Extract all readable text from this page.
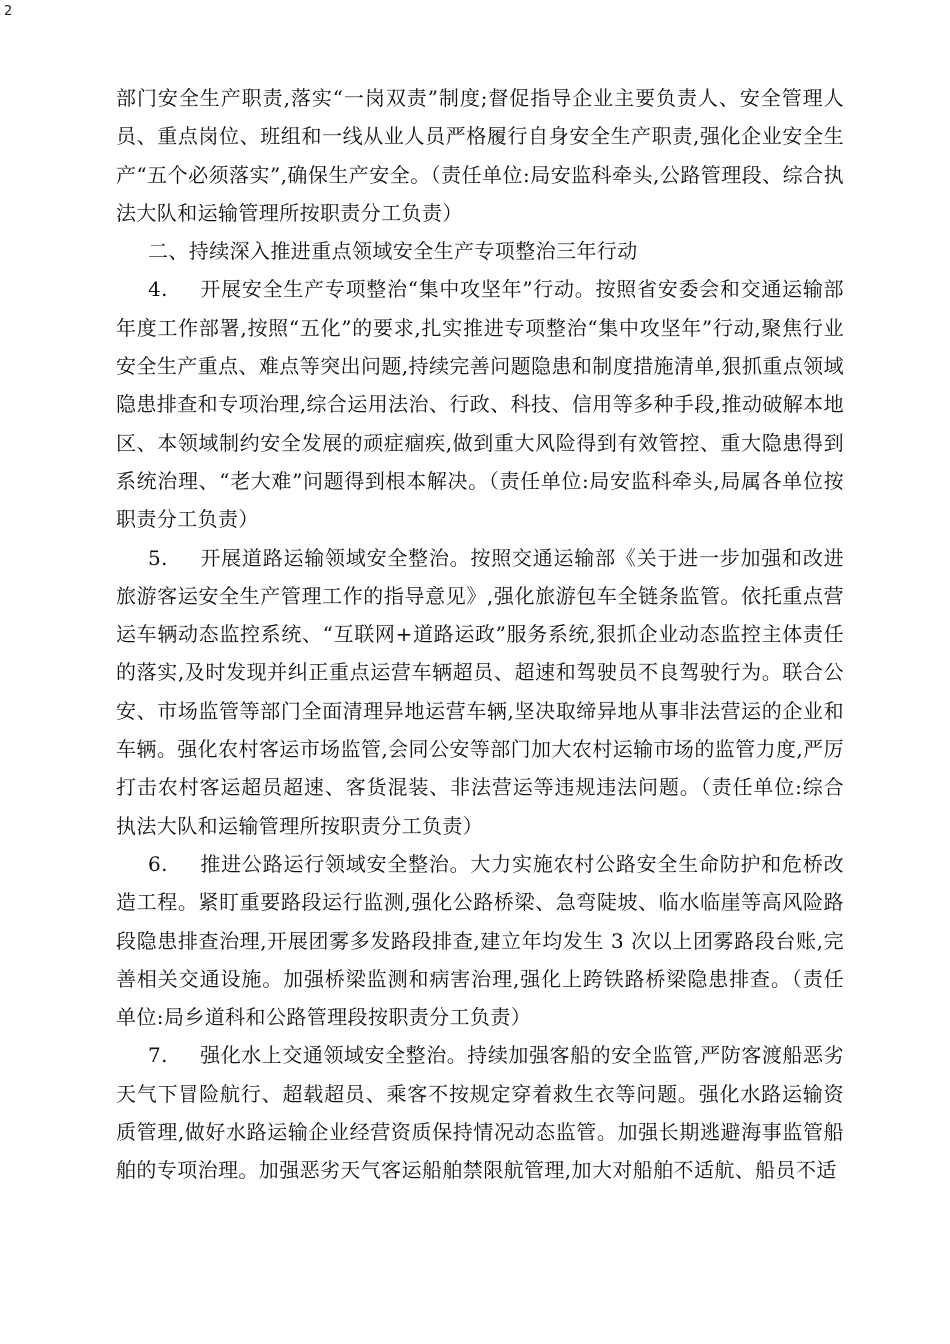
2

部门安全生产职责,落实“一岗双责”制度;督促指导企业主要负责人、安全管理人员、重点岗位、班组和一线从业人员严格履行自身安全生产职责,强化企业安全生产“五个必须落实”,确保生产安全。（责任单位:局安监科牵头,公路管理段、综合执法大队和运输管理所按职责分工负责）

二、持续深入推进重点领域安全生产专项整治三年行动

4. 开展安全生产专项整治“集中攻坚年”行动。按照省安委会和交通运输部年度工作部署,按照“五化”的要求,扎实推进专项整治“集中攻坚年”行动,聚焦行业安全生产重点、难点等突出问题,持续完善问题隐患和制度措施清单,狠抓重点领域隐患排查和专项治理,综合运用法治、行政、科技、信用等多种手段,推动破解本地区、本领域制约安全发展的顽症痼疾,做到重大风险得到有效管控、重大隐患得到系统治理、“老大难”问题得到根本解决。（责任单位:局安监科牵头,局属各单位按职责分工负责）

5. 开展道路运输领域安全整治。按照交通运输部《关于进一步加强和改进旅游客运安全生产管理工作的指导意见》,强化旅游包车全链条监管。依托重点营运车辆动态监控系统、“互联网+道路运政”服务系统,狠抓企业动态监控主体责任的落实,及时发现并纠正重点运营车辆超员、超速和驾驶员不良驾驶行为。联合公安、市场监管等部门全面清理异地运营车辆,坚决取缔异地从事非法营运的企业和车辆。强化农村客运市场监管,会同公安等部门加大农村运输市场的监管力度,严厉打击农村客运超员超速、客货混装、非法营运等违规违法问题。（责任单位:综合执法大队和运输管理所按职责分工负责）

6. 推进公路运行领域安全整治。大力实施农村公路安全生命防护和危桥改造工程。紧盯重要路段运行监测,强化公路桥梁、急弯陡坡、临水临崖等高风险路段隐患排查治理,开展团雾多发路段排查,建立年均发生 3 次以上团雾路段台账,完善相关交通设施。加强桥梁监测和病害治理,强化上跨铁路桥梁隐患排查。（责任单位:局乡道科和公路管理段按职责分工负责）

7. 强化水上交通领域安全整治。持续加强客船的安全监管,严防客渡船恶劣天气下冒险航行、超载超员、乘客不按规定穿着救生衣等问题。强化水路运输资质管理,做好水路运输企业经营资质保持情况动态监管。加强长期逃避海事监管船舶的专项治理。加强恶劣天气客运船舶禁限航管理,加大对船舶不适航、船员不适
